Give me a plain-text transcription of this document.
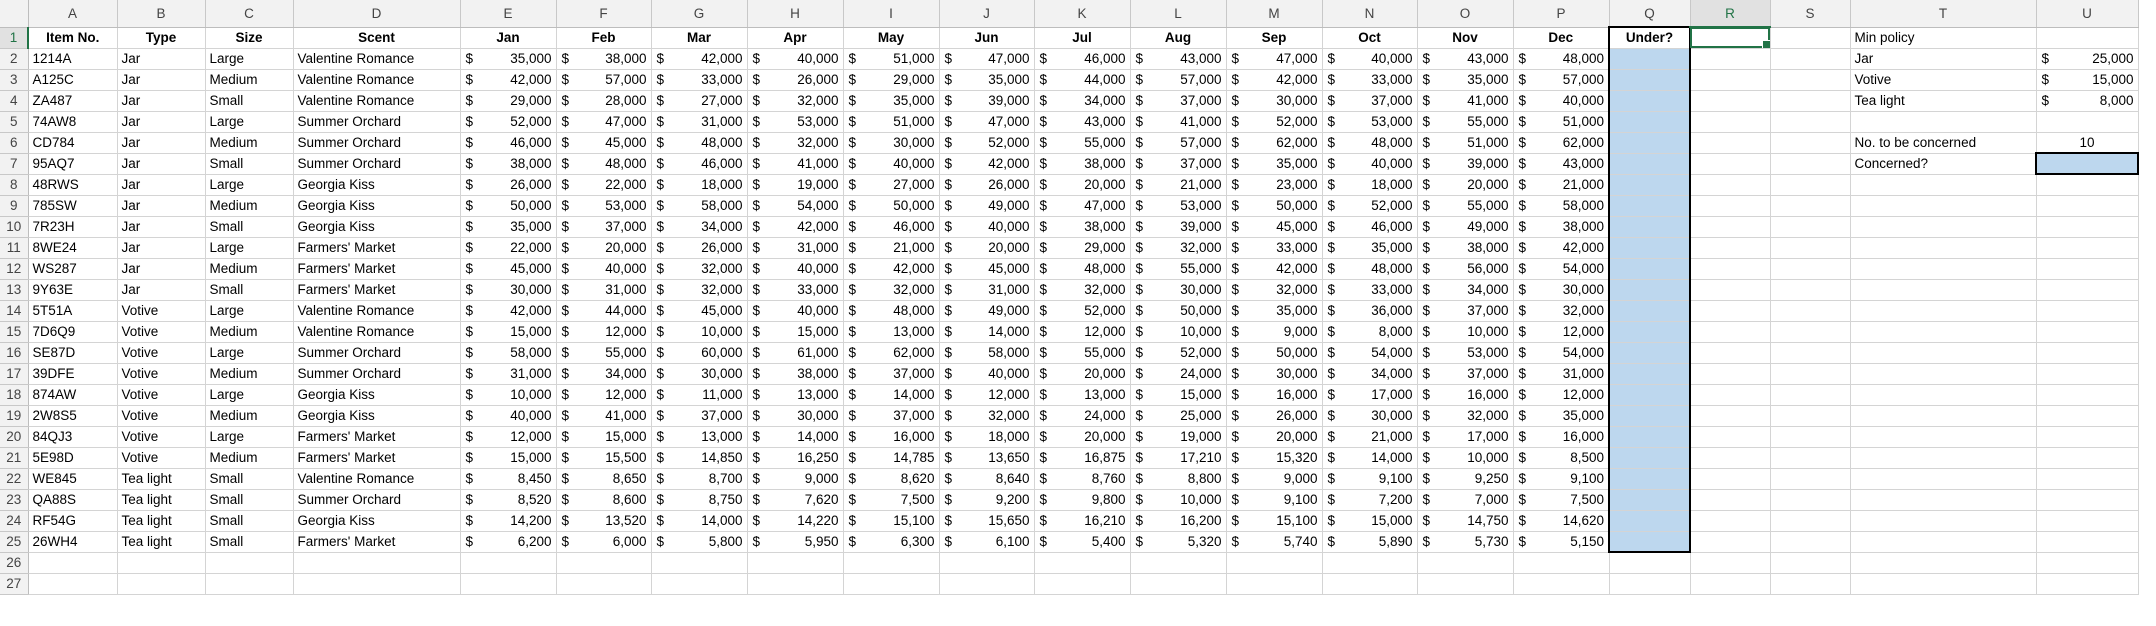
	A	B	C	D	E	F	G	H	I	J	K	L	M	N	O	P	Q	R	S	T	U
1	Item No.	Type	Size	Scent	Jan	Feb	Mar	Apr	May	Jun	Jul	Aug	Sep	Oct	Nov	Dec	Under?			Min policy	
2	1214A	Jar	Large	Valentine Romance	$ 35,000	$ 38,000	$ 42,000	$ 40,000	$ 51,000	$ 47,000	$ 46,000	$ 43,000	$ 47,000	$ 40,000	$ 43,000	$ 48,000				Jar	$ 25,000
3	A125C	Jar	Medium	Valentine Romance	$ 42,000	$ 57,000	$ 33,000	$ 26,000	$ 29,000	$ 35,000	$ 44,000	$ 57,000	$ 42,000	$ 33,000	$ 35,000	$ 57,000				Votive	$ 15,000
4	ZA487	Jar	Small	Valentine Romance	$ 29,000	$ 28,000	$ 27,000	$ 32,000	$ 35,000	$ 39,000	$ 34,000	$ 37,000	$ 30,000	$ 37,000	$ 41,000	$ 40,000				Tea light	$ 8,000
5	74AW8	Jar	Large	Summer Orchard	$ 52,000	$ 47,000	$ 31,000	$ 53,000	$ 51,000	$ 47,000	$ 43,000	$ 41,000	$ 52,000	$ 53,000	$ 55,000	$ 51,000					
6	CD784	Jar	Medium	Summer Orchard	$ 46,000	$ 45,000	$ 48,000	$ 32,000	$ 30,000	$ 52,000	$ 55,000	$ 57,000	$ 62,000	$ 48,000	$ 51,000	$ 62,000				No. to be concerned	10
7	95AQ7	Jar	Small	Summer Orchard	$ 38,000	$ 48,000	$ 46,000	$ 41,000	$ 40,000	$ 42,000	$ 38,000	$ 37,000	$ 35,000	$ 40,000	$ 39,000	$ 43,000				Concerned?	
8	48RWS	Jar	Large	Georgia Kiss	$ 26,000	$ 22,000	$ 18,000	$ 19,000	$ 27,000	$ 26,000	$ 20,000	$ 21,000	$ 23,000	$ 18,000	$ 20,000	$ 21,000					
9	785SW	Jar	Medium	Georgia Kiss	$ 50,000	$ 53,000	$ 58,000	$ 54,000	$ 50,000	$ 49,000	$ 47,000	$ 53,000	$ 50,000	$ 52,000	$ 55,000	$ 58,000					
10	7R23H	Jar	Small	Georgia Kiss	$ 35,000	$ 37,000	$ 34,000	$ 42,000	$ 46,000	$ 40,000	$ 38,000	$ 39,000	$ 45,000	$ 46,000	$ 49,000	$ 38,000					
11	8WE24	Jar	Large	Farmers' Market	$ 22,000	$ 20,000	$ 26,000	$ 31,000	$ 21,000	$ 20,000	$ 29,000	$ 32,000	$ 33,000	$ 35,000	$ 38,000	$ 42,000					
12	WS287	Jar	Medium	Farmers' Market	$ 45,000	$ 40,000	$ 32,000	$ 40,000	$ 42,000	$ 45,000	$ 48,000	$ 55,000	$ 42,000	$ 48,000	$ 56,000	$ 54,000					
13	9Y63E	Jar	Small	Farmers' Market	$ 30,000	$ 31,000	$ 32,000	$ 33,000	$ 32,000	$ 31,000	$ 32,000	$ 30,000	$ 32,000	$ 33,000	$ 34,000	$ 30,000					
14	5T51A	Votive	Large	Valentine Romance	$ 42,000	$ 44,000	$ 45,000	$ 40,000	$ 48,000	$ 49,000	$ 52,000	$ 50,000	$ 35,000	$ 36,000	$ 37,000	$ 32,000					
15	7D6Q9	Votive	Medium	Valentine Romance	$ 15,000	$ 12,000	$ 10,000	$ 15,000	$ 13,000	$ 14,000	$ 12,000	$ 10,000	$ 9,000	$ 8,000	$ 10,000	$ 12,000					
16	SE87D	Votive	Large	Summer Orchard	$ 58,000	$ 55,000	$ 60,000	$ 61,000	$ 62,000	$ 58,000	$ 55,000	$ 52,000	$ 50,000	$ 54,000	$ 53,000	$ 54,000					
17	39DFE	Votive	Medium	Summer Orchard	$ 31,000	$ 34,000	$ 30,000	$ 38,000	$ 37,000	$ 40,000	$ 20,000	$ 24,000	$ 30,000	$ 34,000	$ 37,000	$ 31,000					
18	874AW	Votive	Large	Georgia Kiss	$ 10,000	$ 12,000	$ 11,000	$ 13,000	$ 14,000	$ 12,000	$ 13,000	$ 15,000	$ 16,000	$ 17,000	$ 16,000	$ 12,000					
19	2W8S5	Votive	Medium	Georgia Kiss	$ 40,000	$ 41,000	$ 37,000	$ 30,000	$ 37,000	$ 32,000	$ 24,000	$ 25,000	$ 26,000	$ 30,000	$ 32,000	$ 35,000					
20	84QJ3	Votive	Large	Farmers' Market	$ 12,000	$ 15,000	$ 13,000	$ 14,000	$ 16,000	$ 18,000	$ 20,000	$ 19,000	$ 20,000	$ 21,000	$ 17,000	$ 16,000					
21	5E98D	Votive	Medium	Farmers' Market	$ 15,000	$ 15,500	$ 14,850	$ 16,250	$ 14,785	$ 13,650	$ 16,875	$ 17,210	$ 15,320	$ 14,000	$ 10,000	$ 8,500					
22	WE845	Tea light	Small	Valentine Romance	$ 8,450	$ 8,650	$ 8,700	$ 9,000	$ 8,620	$ 8,640	$ 8,760	$ 8,800	$ 9,000	$ 9,100	$ 9,250	$ 9,100					
23	QA88S	Tea light	Small	Summer Orchard	$ 8,520	$ 8,600	$ 8,750	$ 7,620	$ 7,500	$ 9,200	$ 9,800	$ 10,000	$ 9,100	$ 7,200	$ 7,000	$ 7,500					
24	RF54G	Tea light	Small	Georgia Kiss	$ 14,200	$ 13,520	$ 14,000	$ 14,220	$ 15,100	$ 15,650	$ 16,210	$ 16,200	$ 15,100	$ 15,000	$ 14,750	$ 14,620					
25	26WH4	Tea light	Small	Farmers' Market	$ 6,200	$ 6,000	$ 5,800	$ 5,950	$ 6,300	$ 6,100	$ 5,400	$ 5,320	$ 5,740	$ 5,890	$ 5,730	$ 5,150					
26																					
27																					
